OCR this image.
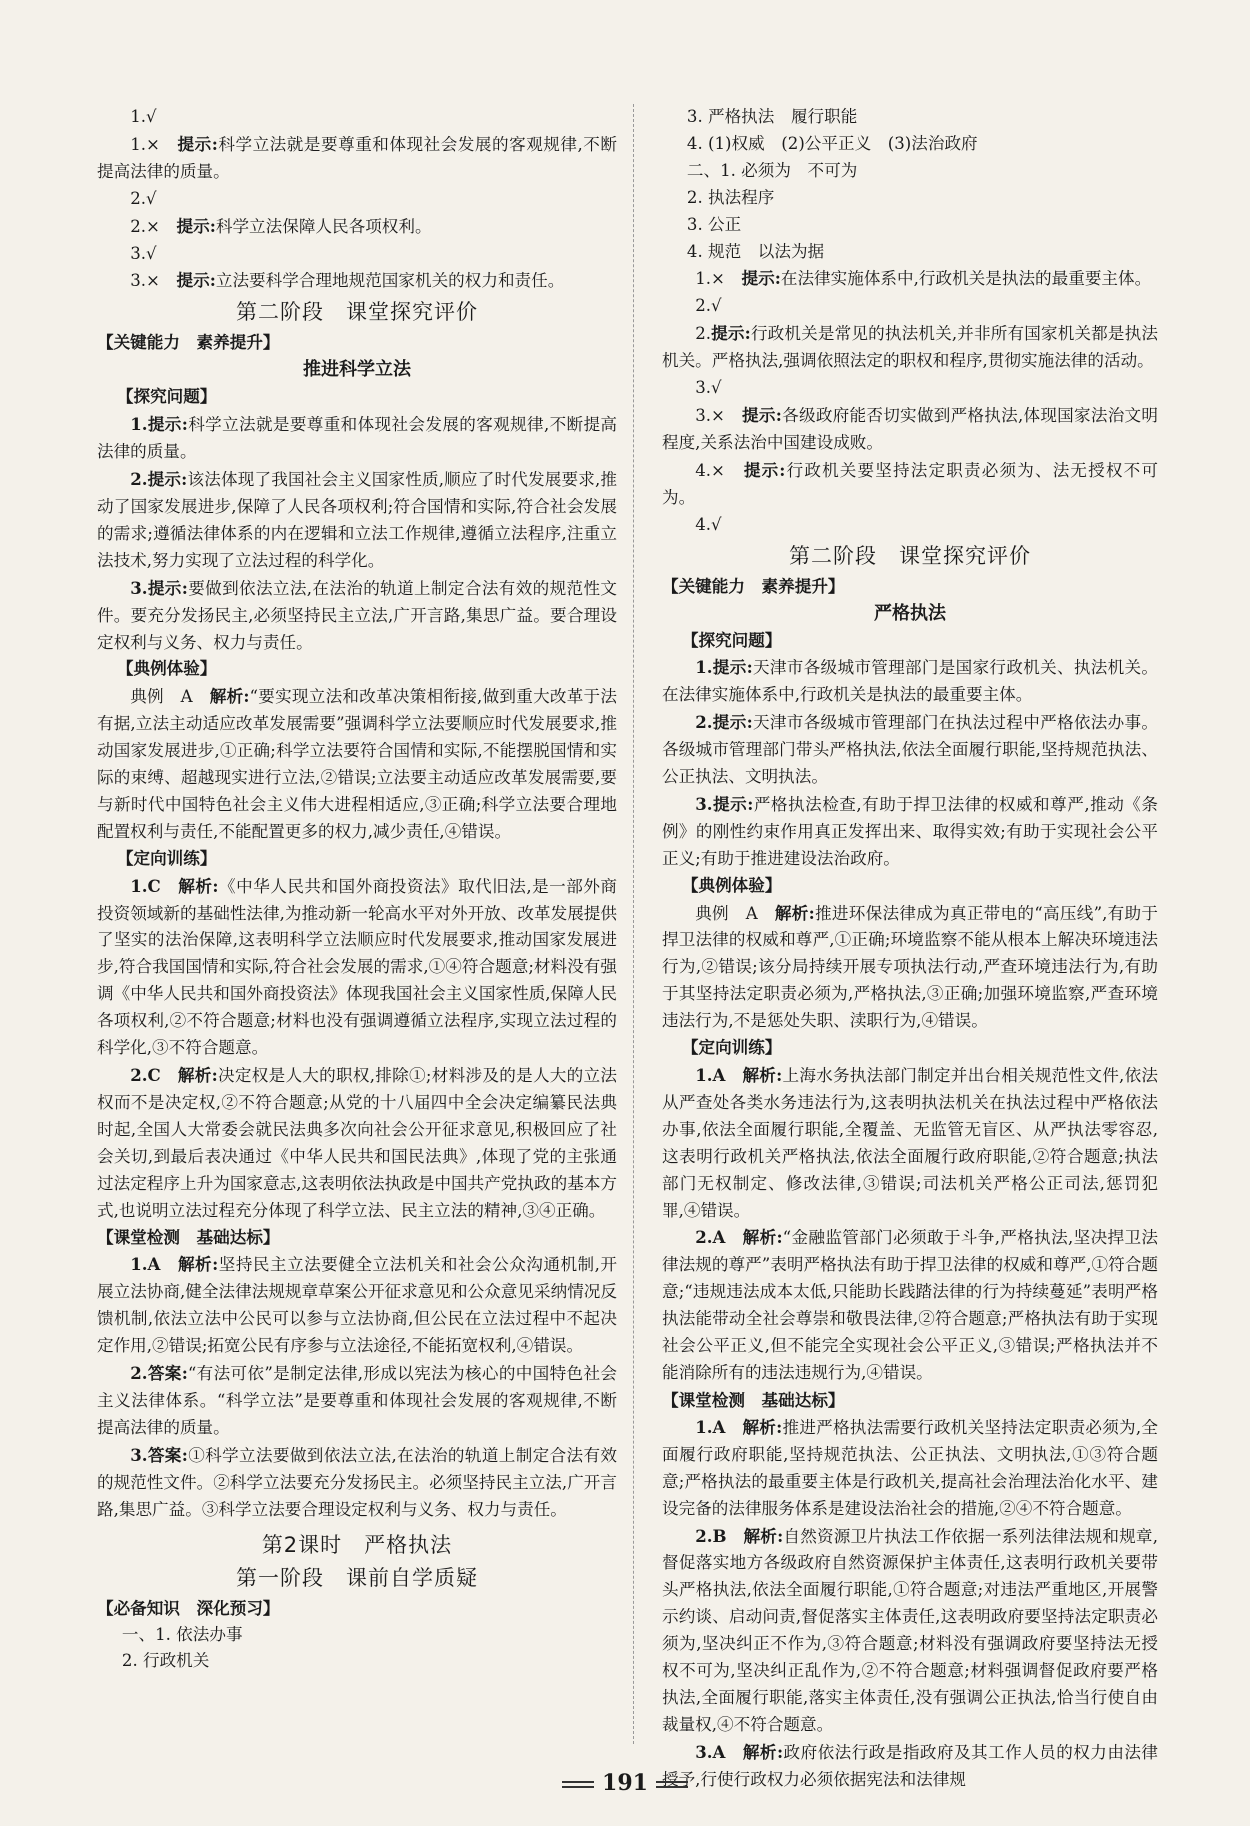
1.√

1.×　 提示:科学立法就是要尊重和体现社会发展的客观规律,不断提高法律的质量。

2.√

2.×　 提示:科学立法保障人民各项权利。

3.√

3.×　 提示:立法要科学合理地规范国家机关的权力和责任。

第二阶段　课堂探究评价
【关键能力　素养提升】
推进科学立法

【探究问题】

1.提示:科学立法就是要尊重和体现社会发展的客观规律,不断提高法律的质量。

2.提示:该法体现了我国社会主义国家性质,顺应了时代发展要求,推动了国家发展进步,保障了人民各项权利;符合国情和实际,符合社会发展的需求;遵循法律体系的内在逻辑和立法工作规律,遵循立法程序,注重立法技术,努力实现了立法过程的科学化。

3.提示:要做到依法立法,在法治的轨道上制定合法有效的规范性文件。要充分发扬民主,必须坚持民主立法,广开言路,集思广益。要合理设定权利与义务、权力与责任。

【典例体验】

典例　A　解析:“要实现立法和改革决策相衔接,做到重大改革于法有据,立法主动适应改革发展需要”强调科学立法要顺应时代发展要求,推动国家发展进步,①正确;科学立法要符合国情和实际,不能摆脱国情和实际的束缚、超越现实进行立法,②错误;立法要主动适应改革发展需要,要与新时代中国特色社会主义伟大进程相适应,③正确;科学立法要合理地配置权利与责任,不能配置更多的权力,减少责任,④错误。

【定向训练】

1.C　解析:《中华人民共和国外商投资法》取代旧法,是一部外商投资领域新的基础性法律,为推动新一轮高水平对外开放、改革发展提供了坚实的法治保障,这表明科学立法顺应时代发展要求,推动国家发展进步,符合我国国情和实际,符合社会发展的需求,①④符合题意;材料没有强调《中华人民共和国外商投资法》体现我国社会主义国家性质,保障人民各项权利,②不符合题意;材料也没有强调遵循立法程序,实现立法过程的科学化,③不符合题意。

2.C　解析:决定权是人大的职权,排除①;材料涉及的是人大的立法权而不是决定权,②不符合题意;从党的十八届四中全会决定编纂民法典时起,全国人大常委会就民法典多次向社会公开征求意见,积极回应了社会关切,到最后表决通过《中华人民共和国民法典》,体现了党的主张通过法定程序上升为国家意志,这表明依法执政是中国共产党执政的基本方式,也说明立法过程充分体现了科学立法、民主立法的精神,③④正确。

【课堂检测　基础达标】

1.A　解析:坚持民主立法要健全立法机关和社会公众沟通机制,开展立法协商,健全法律法规规章草案公开征求意见和公众意见采纳情况反馈机制,依法立法中公民可以参与立法协商,但公民在立法过程中不起决定作用,②错误;拓宽公民有序参与立法途径,不能拓宽权利,④错误。

2.答案:“有法可依”是制定法律,形成以宪法为核心的中国特色社会主义法律体系。“科学立法”是要尊重和体现社会发展的客观规律,不断提高法律的质量。

3.答案:①科学立法要做到依法立法,在法治的轨道上制定合法有效的规范性文件。②科学立法要充分发扬民主。必须坚持民主立法,广开言路,集思广益。③科学立法要合理设定权利与义务、权力与责任。

第2课时　严格执法
第一阶段　课前自学质疑
【必备知识　深化预习】

一、1. 依法办事

2. 行政机关

3. 严格执法　履行职能

4. (1)权威　(2)公平正义　(3)法治政府

二、1. 必须为　不可为

2. 执法程序

3. 公正

4. 规范　以法为据

1.×　 提示:在法律实施体系中,行政机关是执法的最重要主体。

2.√

2.提示:行政机关是常见的执法机关,并非所有国家机关都是执法机关。严格执法,强调依照法定的职权和程序,贯彻实施法律的活动。

3.√

3.×　 提示:各级政府能否切实做到严格执法,体现国家法治文明程度,关系法治中国建设成败。

4.×　 提示:行政机关要坚持法定职责必须为、法无授权不可为。

4.√

第二阶段　课堂探究评价
【关键能力　素养提升】
严格执法

【探究问题】

1.提示:天津市各级城市管理部门是国家行政机关、执法机关。在法律实施体系中,行政机关是执法的最重要主体。

2.提示:天津市各级城市管理部门在执法过程中严格依法办事。各级城市管理部门带头严格执法,依法全面履行职能,坚持规范执法、公正执法、文明执法。

3.提示:严格执法检查,有助于捍卫法律的权威和尊严,推动《条例》的刚性约束作用真正发挥出来、取得实效;有助于实现社会公平正义;有助于推进建设法治政府。

【典例体验】

典例　A　解析:推进环保法律成为真正带电的“高压线”,有助于捍卫法律的权威和尊严,①正确;环境监察不能从根本上解决环境违法行为,②错误;该分局持续开展专项执法行动,严查环境违法行为,有助于其坚持法定职责必须为,严格执法,③正确;加强环境监察,严查环境违法行为,不是惩处失职、渎职行为,④错误。

【定向训练】

1.A　解析:上海水务执法部门制定并出台相关规范性文件,依法从严查处各类水务违法行为,这表明执法机关在执法过程中严格依法办事,依法全面履行职能,全覆盖、无监管无盲区、从严执法零容忍,这表明行政机关严格执法,依法全面履行政府职能,②符合题意;执法部门无权制定、修改法律,③错误;司法机关严格公正司法,惩罚犯罪,④错误。

2.A　解析:“金融监管部门必须敢于斗争,严格执法,坚决捍卫法律法规的尊严”表明严格执法有助于捍卫法律的权威和尊严,①符合题意;“违规违法成本太低,只能助长践踏法律的行为持续蔓延”表明严格执法能带动全社会尊崇和敬畏法律,②符合题意;严格执法有助于实现社会公平正义,但不能完全实现社会公平正义,③错误;严格执法并不能消除所有的违法违规行为,④错误。

【课堂检测　基础达标】

1.A　解析:推进严格执法需要行政机关坚持法定职责必须为,全面履行政府职能,坚持规范执法、公正执法、文明执法,①③符合题意;严格执法的最重要主体是行政机关,提高社会治理法治化水平、建设完备的法律服务体系是建设法治社会的措施,②④不符合题意。

2.B　解析:自然资源卫片执法工作依据一系列法律法规和规章,督促落实地方各级政府自然资源保护主体责任,这表明行政机关要带头严格执法,依法全面履行职能,①符合题意;对违法严重地区,开展警示约谈、启动问责,督促落实主体责任,这表明政府要坚持法定职责必须为,坚决纠正不作为,③符合题意;材料没有强调政府要坚持法无授权不可为,坚决纠正乱作为,②不符合题意;材料强调督促政府要严格执法,全面履行职能,落实主体责任,没有强调公正执法,恰当行使自由裁量权,④不符合题意。

3.A　解析:政府依法行政是指政府及其工作人员的权力由法律授予,行使行政权力必须依据宪法和法律规

191
